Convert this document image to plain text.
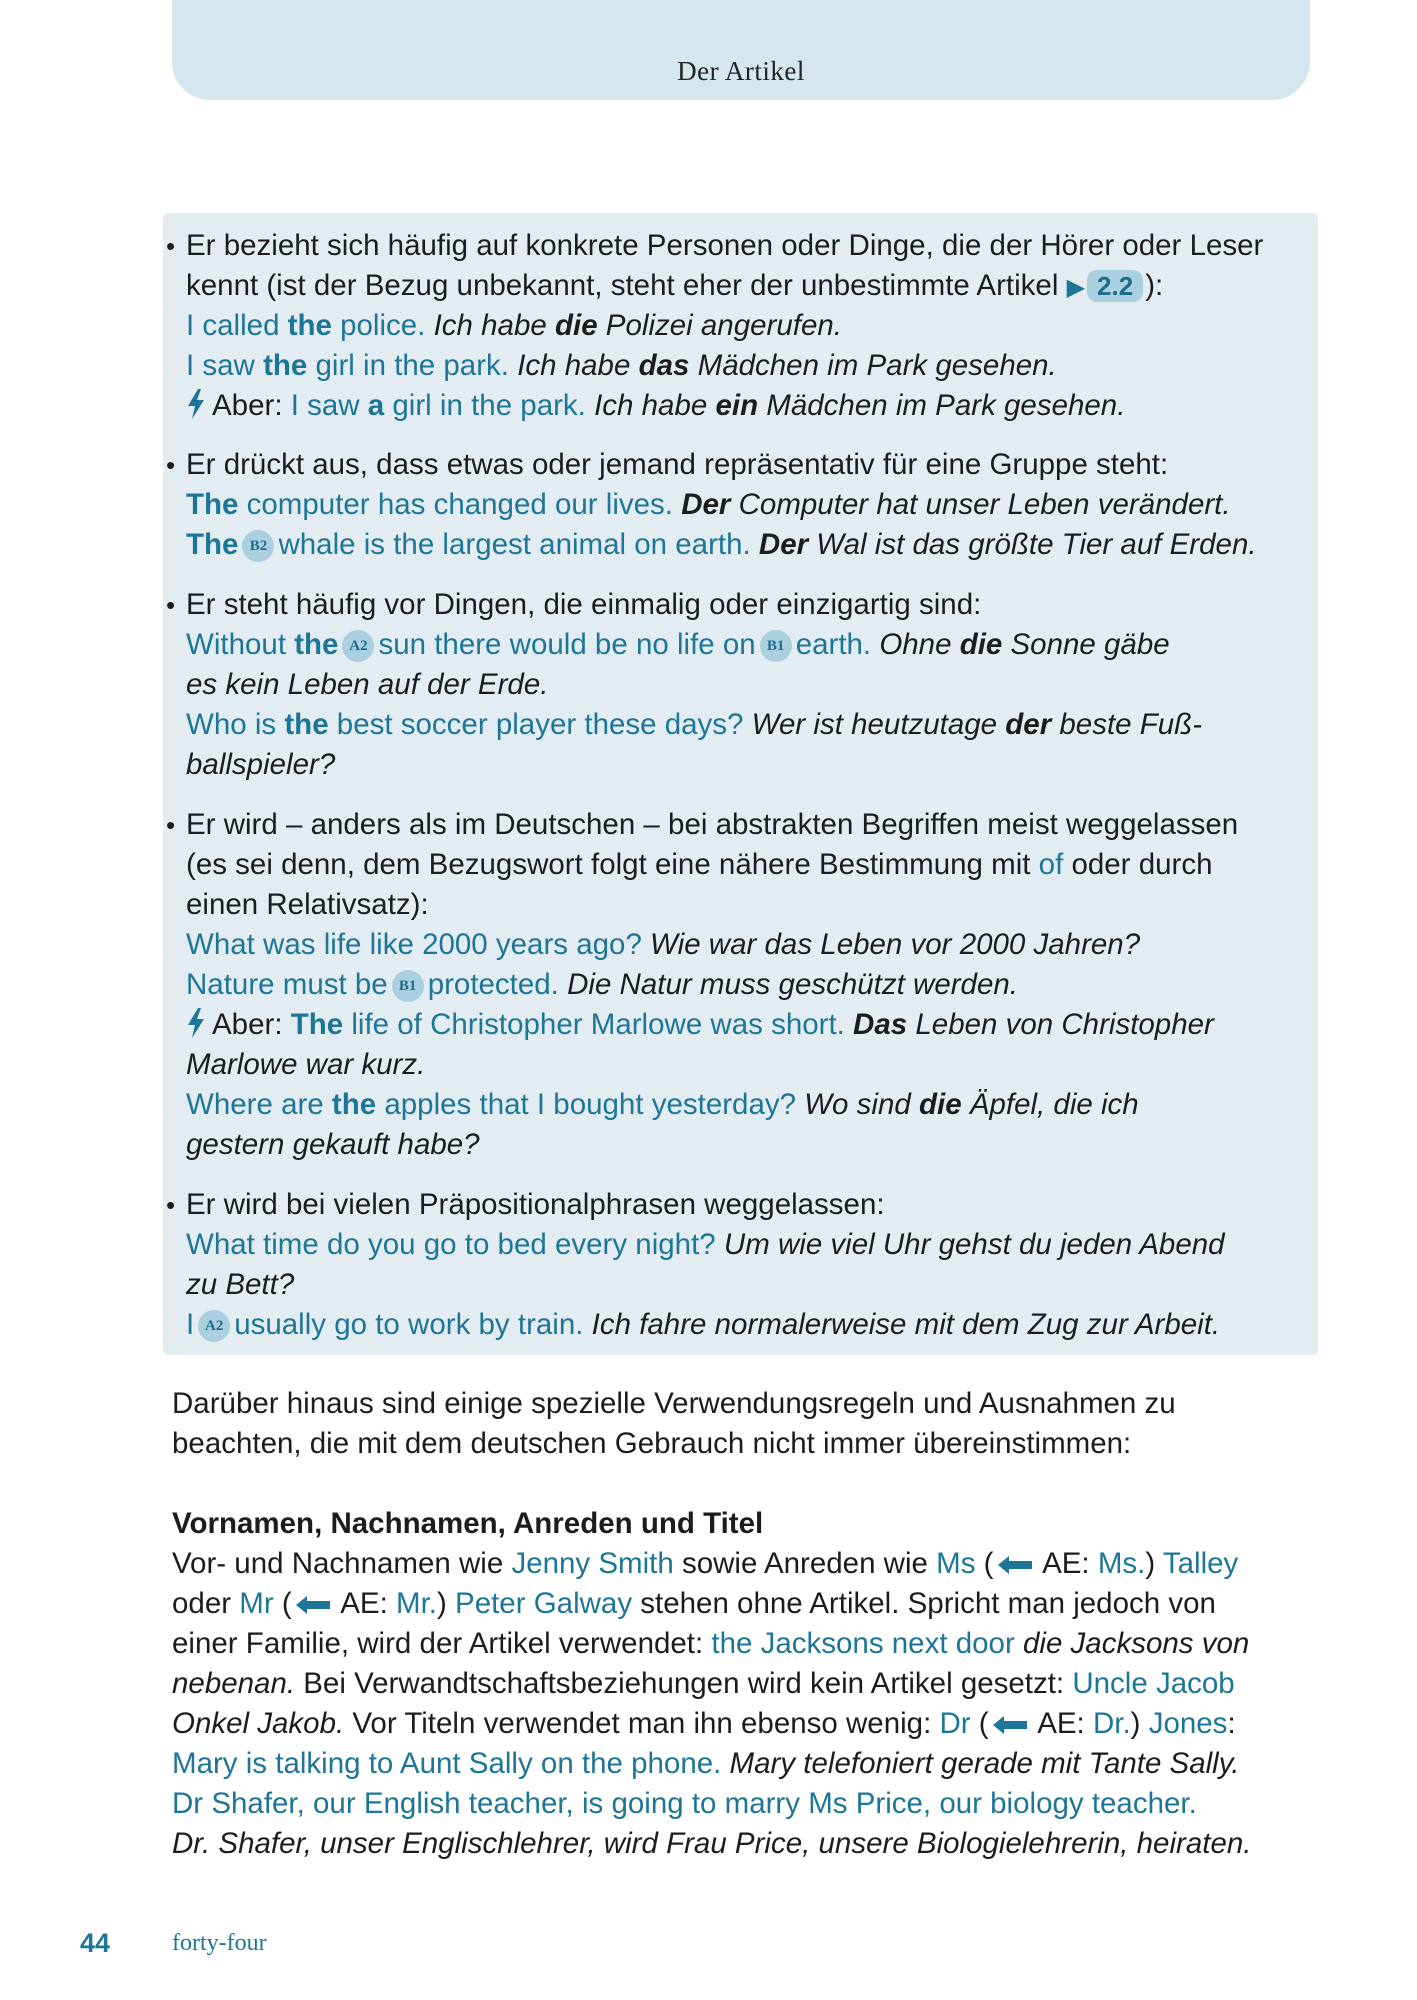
Der Artikel
• Er bezieht sich häufig auf konkrete Personen oder Dinge, die der Hörer oder Leser
kennt (ist der Bezug unbekannt, steht eher der unbestimmte Artikel ▶ 2.2 ):
I called the police. Ich habe die Polizei angerufen.
I saw the girl in the park. Ich habe das Mädchen im Park gesehen.
Aber: I saw a girl in the park. Ich habe ein Mädchen im Park gesehen.
• Er drückt aus, dass etwas oder jemand repräsentativ für eine Gruppe steht:
The computer has changed our lives. Der Computer hat unser Leben verändert.
The B2 whale is the largest animal on earth. Der Wal ist das größte Tier auf Erden.
• Er steht häufig vor Dingen, die einmalig oder einzigartig sind:
Without the A2 sun there would be no life on B1 earth. Ohne die Sonne gäbe
es kein Leben auf der Erde.
Who is the best soccer player these days? Wer ist heutzutage der beste Fuß-
ballspieler?
• Er wird – anders als im Deutschen – bei abstrakten Begriffen meist weggelassen
(es sei denn, dem Bezugswort folgt eine nähere Bestimmung mit of oder durch
einen Relativsatz):
What was life like 2000 years ago? Wie war das Leben vor 2000 Jahren?
Nature must be B1 protected. Die Natur muss geschützt werden.
Aber: The life of Christopher Marlowe was short. Das Leben von Christopher
Marlowe war kurz.
Where are the apples that I bought yesterday? Wo sind die Äpfel, die ich
gestern gekauft habe?
• Er wird bei vielen Präpositionalphrasen weggelassen:
What time do you go to bed every night? Um wie viel Uhr gehst du jeden Abend
zu Bett?
I A2 usually go to work by train. Ich fahre normalerweise mit dem Zug zur Arbeit.
Darüber hinaus sind einige spezielle Verwendungsregeln und Ausnahmen zu
beachten, die mit dem deutschen Gebrauch nicht immer übereinstimmen:
Vornamen, Nachnamen, Anreden und Titel
Vor- und Nachnamen wie Jenny Smith sowie Anreden wie Ms ( AE: Ms.) Talley
oder Mr ( AE: Mr.) Peter Galway stehen ohne Artikel. Spricht man jedoch von
einer Familie, wird der Artikel verwendet: the Jacksons next door die Jacksons von
nebenan. Bei Verwandtschaftsbeziehungen wird kein Artikel gesetzt: Uncle Jacob
Onkel Jakob. Vor Titeln verwendet man ihn ebenso wenig: Dr ( AE: Dr.) Jones:
Mary is talking to Aunt Sally on the phone. Mary telefoniert gerade mit Tante Sally.
Dr Shafer, our English teacher, is going to marry Ms Price, our biology teacher.
Dr. Shafer, unser Englischlehrer, wird Frau Price, unsere Biologielehrerin, heiraten.
44	forty-four
